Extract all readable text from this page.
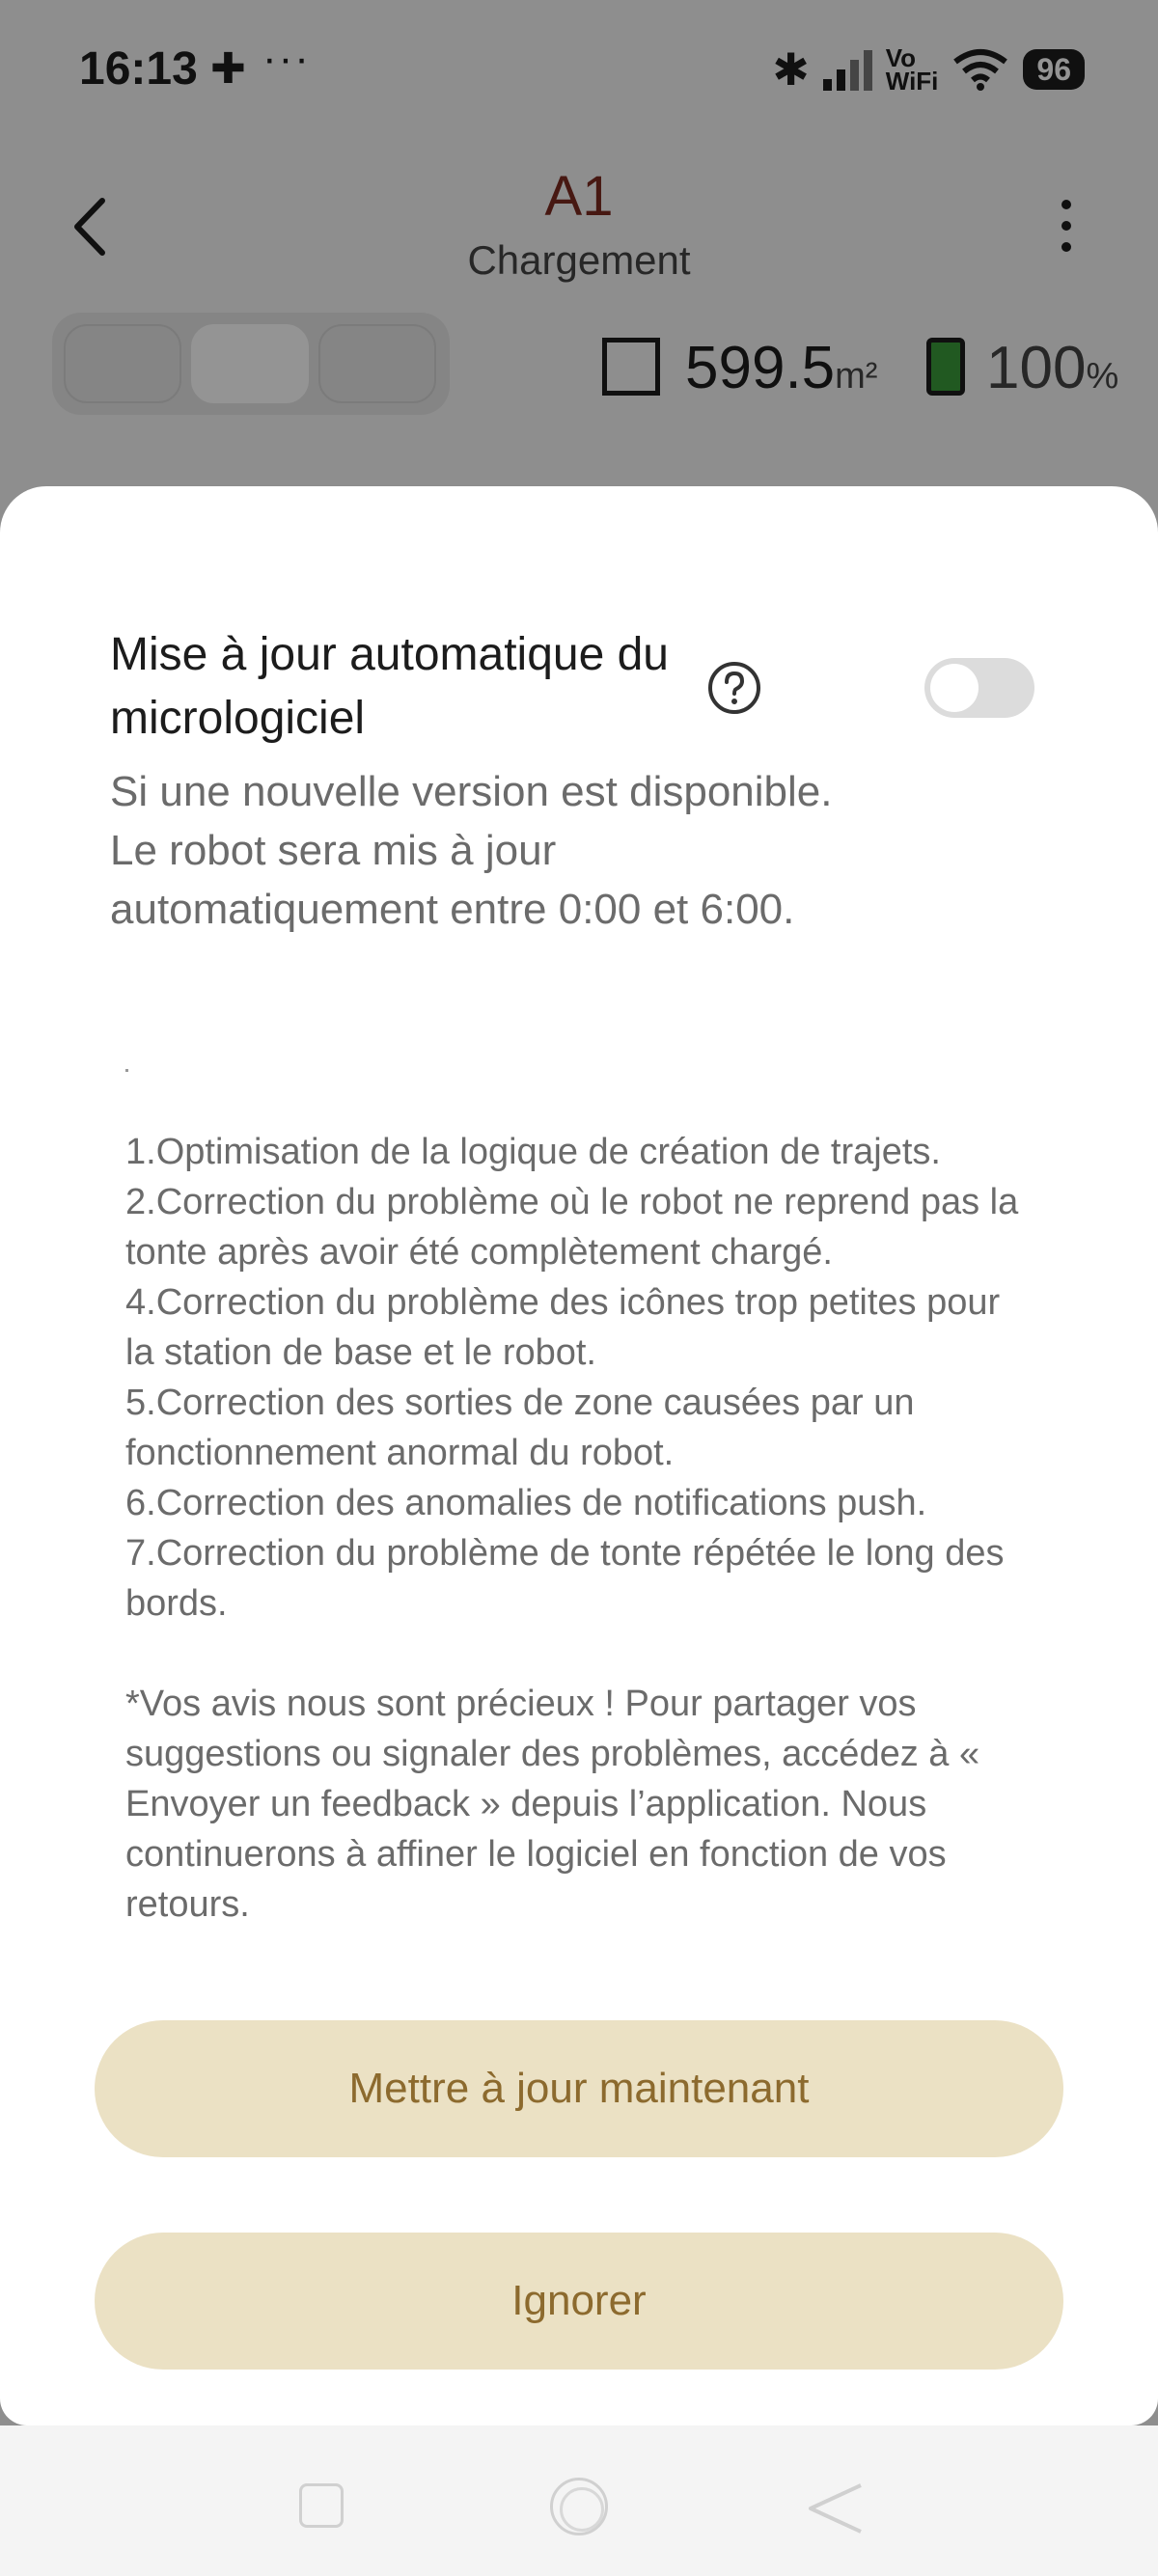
16:13 ✚ ···	✱	Vo
WiFi	96
A1
Chargement
599.5m² 100%
Mise à jour automatique du micrologiciel
Si une nouvelle version est disponible. Le robot sera mis à jour automatiquement entre 0:00 et 6:00.

1.Optimisation de la logique de création de trajets.

2.Correction du problème où le robot ne reprend pas la tonte après avoir été complètement chargé.

4.Correction du problème des icônes trop petites pour la station de base et le robot.

5.Correction des sorties de zone causées par un fonctionnement anormal du robot.

6.Correction des anomalies de notifications push.

7.Correction du problème de tonte répétée le long des bords.

*Vos avis nous sont précieux ! Pour partager vos suggestions ou signaler des problèmes, accédez à « Envoyer un feedback » depuis l’application. Nous continuerons à affiner le logiciel en fonction de vos retours.

Mettre à jour maintenant
Ignorer
